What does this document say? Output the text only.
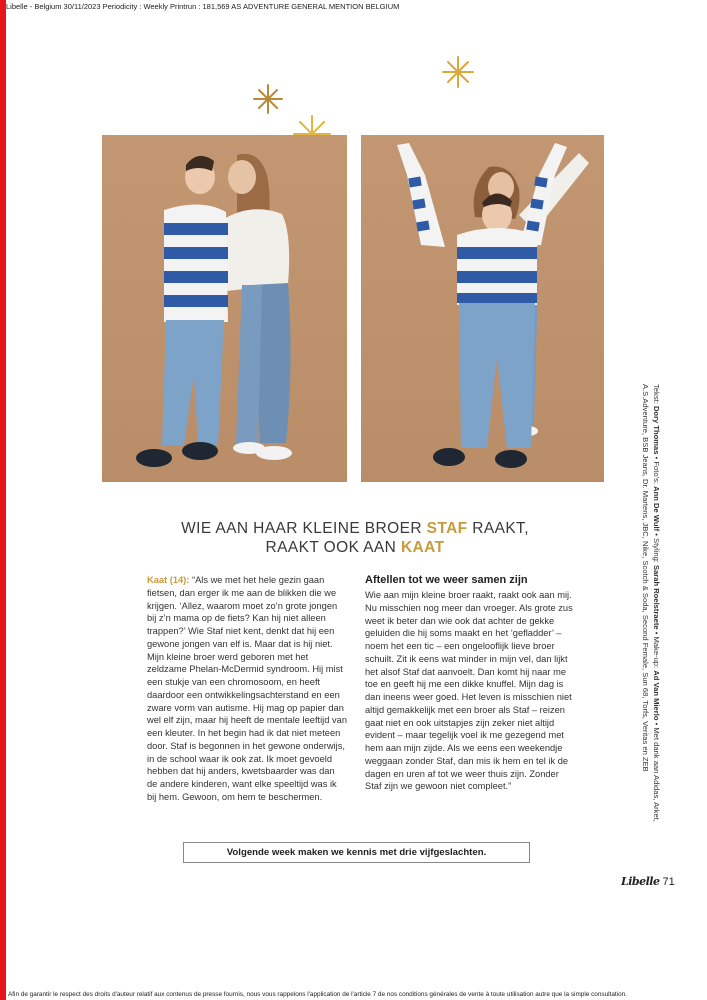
Libelle - Belgium 30/11/2023 Periodicity : Weekly Printrun : 181,569 AS ADVENTURE GENERAL MENTION BELGIUM
WIE AAN HAAR KLEINE BROER STAF RAAKT,
RAAKT OOK AAN KAAT
Kaat (14): “Als we met het hele gezin gaan fietsen, dan erger ik me aan de blikken die we krijgen. ‘Allez, waarom moet zo’n grote jongen bij z’n mama op de fiets? Kan hij niet alleen trappen?’ Wie Staf niet kent, denkt dat hij een gewone jongen van elf is. Maar dat is hij niet. Mijn kleine broer werd geboren met het zeldzame Phelan-McDermid syndroom. Hij mist een stukje van een chromosoom, en heeft daardoor een ontwikkelingsachterstand en een zware vorm van autisme. Hij mag op papier dan wel elf zijn, maar hij heeft de mentale leeftijd van een kleuter. In het begin had ik dat niet meteen door. Staf is begonnen in het gewone onderwijs, in de school waar ik ook zat. Ik moet gevoeld hebben dat hij anders, kwetsbaarder was dan de andere kinderen, want elke speeltijd was ik bij hem. Gewoon, om hem te beschermen.
Aftellen tot we weer samen zijn
Wie aan mijn kleine broer raakt, raakt ook aan mij. Nu misschien nog meer dan vroeger. Als grote zus weet ik beter dan wie ook dat achter de gekke geluiden die hij soms maakt en het ‘gefladder’ – noem het een tic – een ongelooflijk lieve broer schuilt. Zit ik eens wat minder in mijn vel, dan lijkt het alsof Staf dat aanvoelt. Dan komt hij naar me toe en geeft hij me een dikke knuffel. Mijn dag is dan ineens weer goed. Het leven is misschien niet altijd gemakkelijk met een broer als Staf – reizen gaat niet en ook uitstapjes zijn zeker niet altijd evident – maar tegelijk voel ik me gezegend met hem aan mijn zijde. Als we eens een weekendje weggaan zonder Staf, dan mis ik hem en tel ik de dagen en uren af tot we weer thuis zijn. Zonder Staf zijn we gewoon niet compleet.”
Volgende week maken we kennis met drie vijfgeslachten.
Libelle 71
Tekst: Dory Thomas • Foto’s: Ann De Wulf • Styling: Sarah Roelstraete • Make-up: Ad Van Mierlo • Met dank aan Adidas, Arket, A.S.Adventure, BSB Jeans, Dr. Martens, JBC, Nike, Scotch & Soda, Second Female, Sun 68, Torfs, Veritas en ZEB
Afin de garantir le respect des droits d'auteur relatif aux contenus de presse fournis, nous vous rappelons l'application de l'article 7 de nos conditions générales de vente à toute utilisation autre que la simple consultation.
